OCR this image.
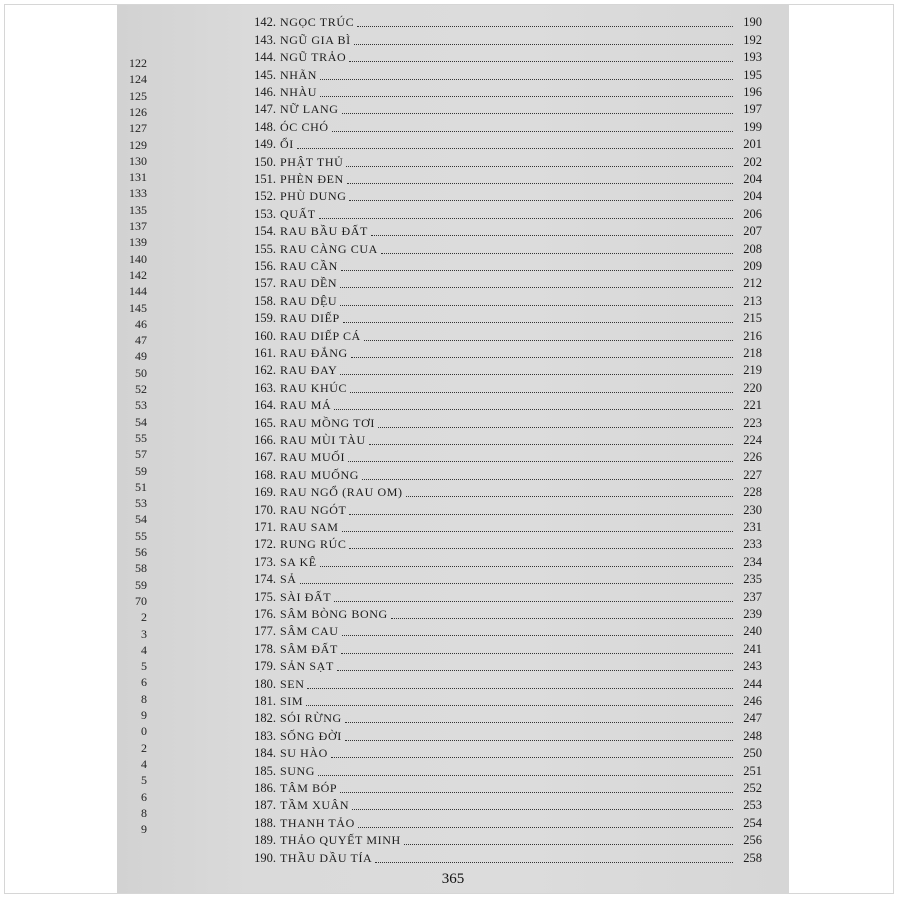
122
124
125
126
127
129
130
131
133
135
137
139
140
142
144
145
46
47
49
50
52
53
54
55
57
59
51
53
54
55
56
58
59
70
2
3
4
5
6
8
9
0
2
4
5
6
8
9
142. NGỌC TRÚC	190
143. NGŨ GIA BÌ	192
144. NGŨ TRẢO	193
145. NHÃN	195
146. NHÀU	196
147. NỮ LANG	197
148. ÓC CHÓ	199
149. ỔI	201
150. PHẬT THỦ	202
151. PHÈN ĐEN	204
152. PHÙ DUNG	204
153. QUẤT	206
154. RAU BẦU ĐẤT	207
155. RAU CÀNG CUA	208
156. RAU CẦN	209
157. RAU DỀN	212
158. RAU DỆU	213
159. RAU DIẾP	215
160. RAU DIẾP CÁ	216
161. RAU ĐẮNG	218
162. RAU ĐAY	219
163. RAU KHÚC	220
164. RAU MÁ	221
165. RAU MỒNG TƠI	223
166. RAU MÙI TÀU	224
167. RAU MUỐI	226
168. RAU MUỐNG	227
169. RAU NGỔ (RAU OM)	228
170. RAU NGÓT	230
171. RAU SAM	231
172. RUNG RÚC	233
173. SA KÊ	234
174. SẢ	235
175. SÀI ĐẤT	237
176. SÂM BÒNG BONG	239
177. SÂM CAU	240
178. SÂM ĐẤT	241
179. SẢN SẠT	243
180. SEN	244
181. SIM	246
182. SÓI RỪNG	247
183. SỐNG ĐỜI	248
184. SU HÀO	250
185. SUNG	251
186. TÂM BÓP	252
187. TẦM XUÂN	253
188. THANH TẢO	254
189. THẢO QUYẾT MINH	256
190. THẦU DẦU TÍA	258
365
